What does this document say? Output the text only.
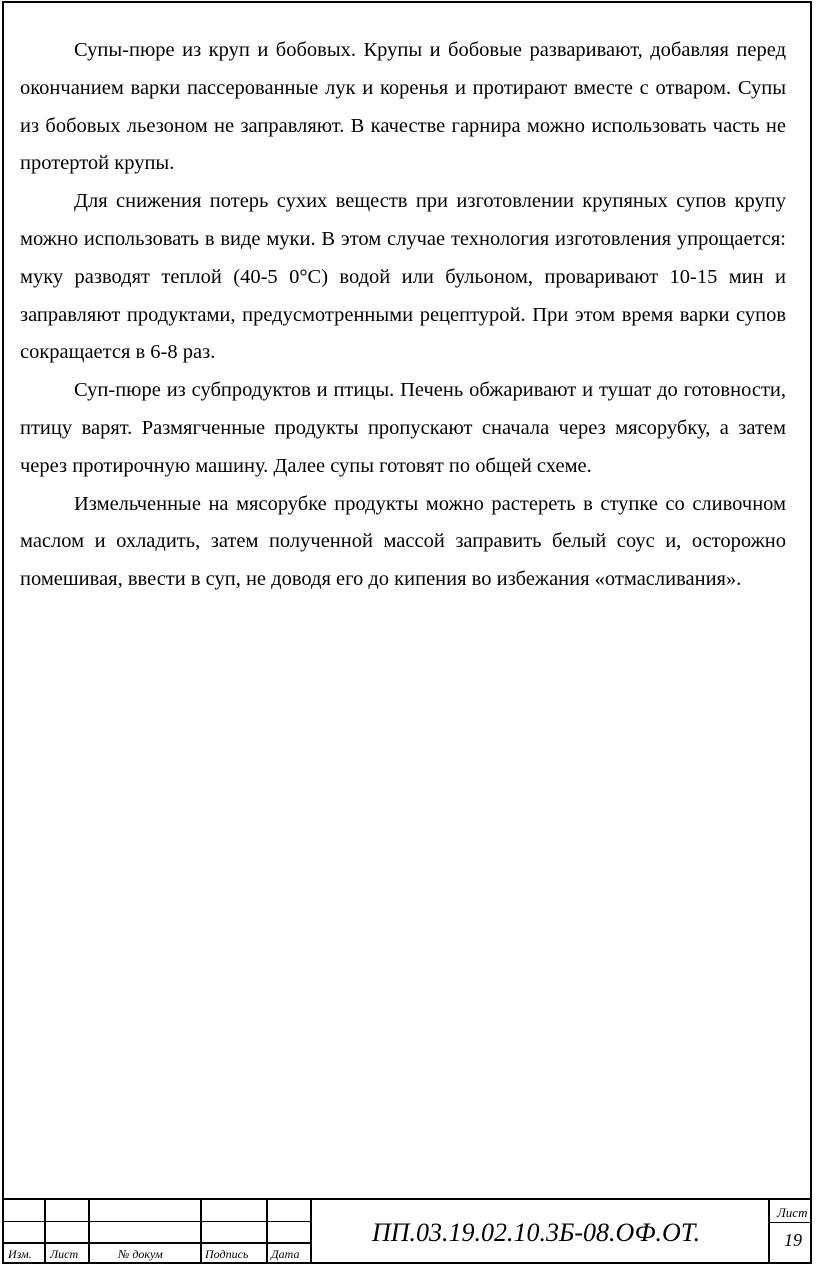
Супы-пюре из круп и бобовых. Крупы и бобовые разваривают, добавляя перед окончанием варки пассерованные лук и коренья и протирают вместе с отваром. Супы из бобовых льезоном не заправляют. В качестве гарнира можно использовать часть не протертой крупы.

Для снижения потерь сухих веществ при изготовлении крупяных супов крупу можно использовать в виде муки. В этом случае технология изготовления упрощается: муку разводят теплой (40-5 0°С) водой или бульоном, проваривают 10-15 мин и заправляют продуктами, предусмотренными рецептурой. При этом время варки супов сокращается в 6-8 раз.

Суп-пюре из субпродуктов и птицы. Печень обжаривают и тушат до готовности, птицу варят. Размягченные продукты пропускают сначала через мясорубку, а затем через протирочную машину. Далее супы готовят по общей схеме.

Измельченные на мясорубке продукты можно растереть в ступке со сливочном маслом и охладить, затем полученной массой заправить белый соус и, осторожно помешивая, ввести в суп, не доводя его до кипения во избежания «отмасливания».

Изм. Лист	№ докум	Подпись Дата
ПП.03.19.02.10.3Б-08.ОФ.ОТ.
Лист
19
